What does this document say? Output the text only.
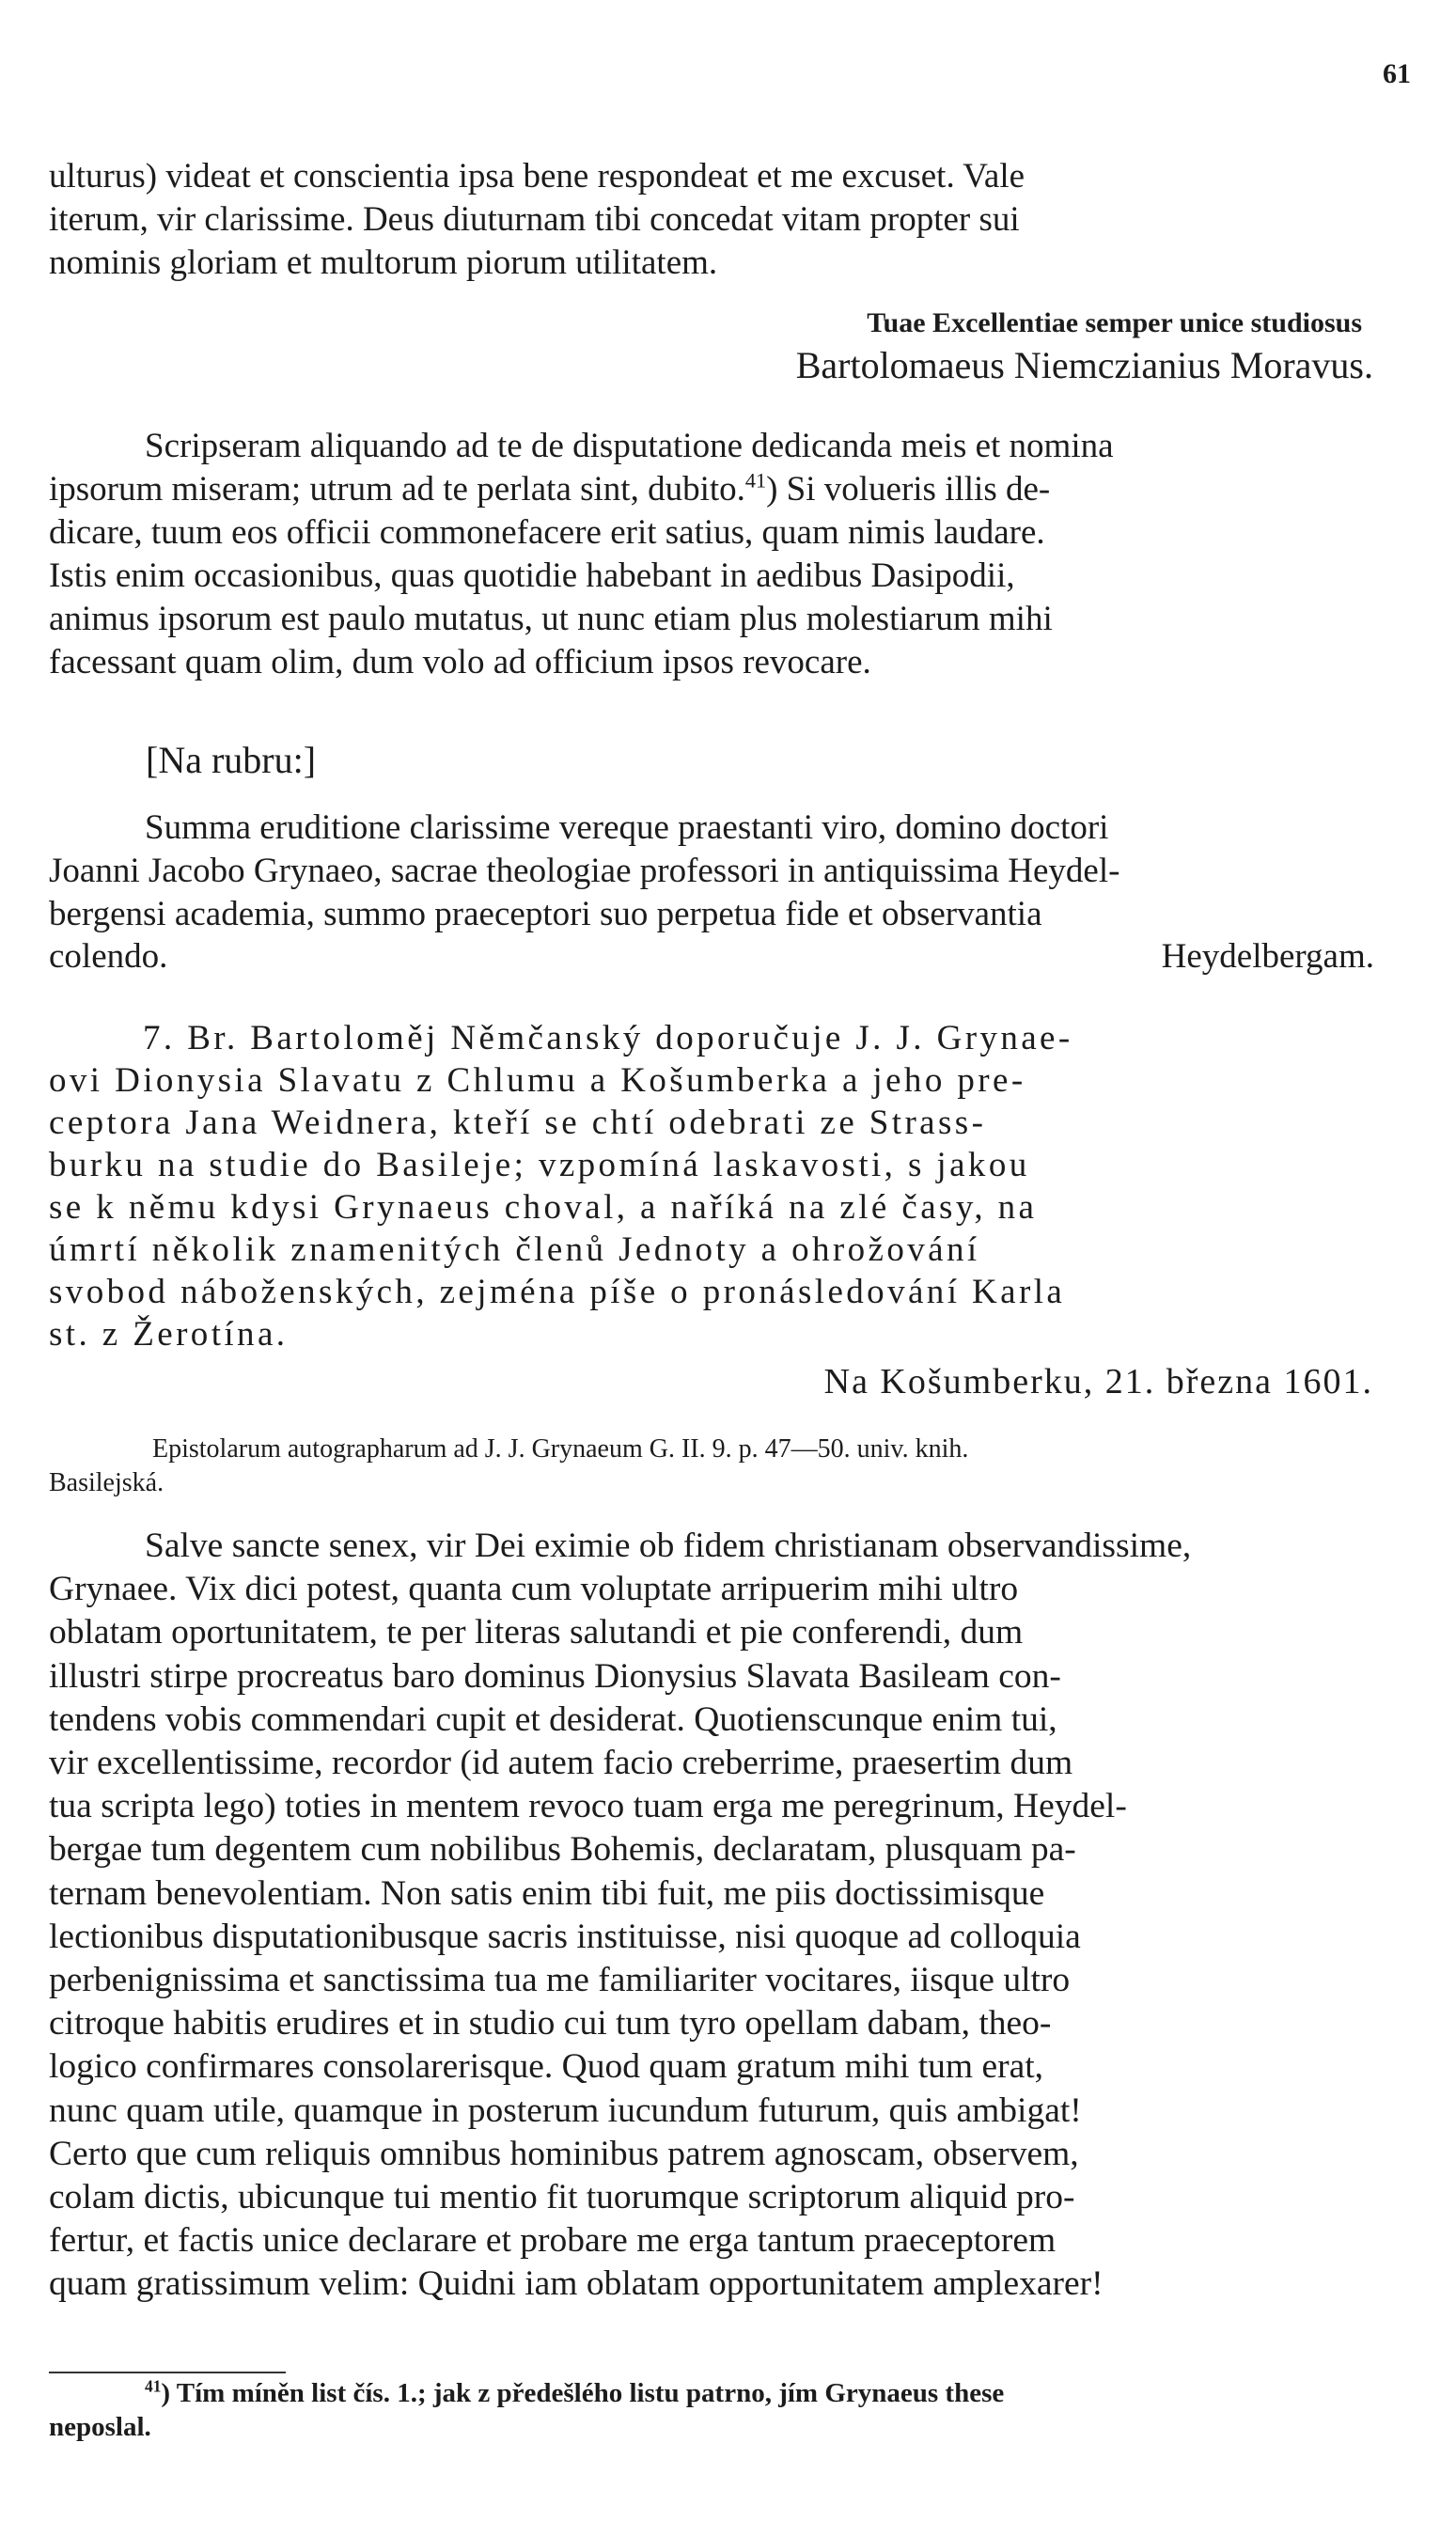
61

ulturus) videat et conscientia ipsa bene respondeat et me excuset. Vale
iterum, vir clarissime. Deus diuturnam tibi concedat vitam propter sui
nominis gloriam et multorum piorum utilitatem.

Tuae Excellentiae semper unice studiosus
Bartolomaeus Niemczianius Moravus.

Scripseram aliquando ad te de disputatione dedicanda meis et nomina
ipsorum miseram; utrum ad te perlata sint, dubito.$^{41}$) Si volueris illis de-
dicare, tuum eos officii commonefacere erit satius, quam nimis laudare.
Istis enim occasionibus, quas quotidie habebant in aedibus Dasipodii,
animus ipsorum est paulo mutatus, ut nunc etiam plus molestiarum mihi
facessant quam olim, dum volo ad officium ipsos revocare.

[Na rubru:]

Summa eruditione clarissime vereque praestanti viro, domino doctori
Joanni Jacobo Grynaeo, sacrae theologiae professori in antiquissima Heydel-
bergensi academia, summo praeceptori suo perpetua fide et observantia

colendo.	Heydelbergam.
7. Br. Bartoloměj Němčanský doporučuje J. J. Grynae-
ovi Dionysia Slavatu z Chlumu a Košumberka a jeho pre-
ceptora Jana Weidnera, kteří se chtí odebrati ze Strass-
burku na studie do Basileje; vzpomíná laskavosti, s jakou
se k němu kdysi Grynaeus choval, a naříká na zlé časy, na
úmrtí několik znamenitých členů Jednoty a ohrožování
svobod náboženských, zejména píše o pronásledování Karla
st. z Žerotína.
Na Košumberku, 21. března 1601.

Epistolarum autographarum ad J. J. Grynaeum G. II. 9. p. 47—50. univ. knih.
Basilejská.

Salve sancte senex, vir Dei eximie ob fidem christianam observandissime,
Grynaee. Vix dici potest, quanta cum voluptate arripuerim mihi ultro
oblatam oportunitatem, te per literas salutandi et pie conferendi, dum
illustri stirpe procreatus baro dominus Dionysius Slavata Basileam con-
tendens vobis commendari cupit et desiderat. Quotienscunque enim tui,
vir excellentissime, recordor (id autem facio creberrime, praesertim dum
tua scripta lego) toties in mentem revoco tuam erga me peregrinum, Heydel-
bergae tum degentem cum nobilibus Bohemis, declaratam, plusquam pa-
ternam benevolentiam. Non satis enim tibi fuit, me piis doctissimisque
lectionibus disputationibusque sacris instituisse, nisi quoque ad colloquia
perbenignissima et sanctissima tua me familiariter vocitares, iisque ultro
citroque habitis erudires et in studio cui tum tyro opellam dabam, theo-
logico confirmares consolarerisque. Quod quam gratum mihi tum erat,
nunc quam utile, quamque in posterum iucundum futurum, quis ambigat!
Certo que cum reliquis omnibus hominibus patrem agnoscam, observem,
colam dictis, ubicunque tui mentio fit tuorumque scriptorum aliquid pro-
fertur, et factis unice declarare et probare me erga tantum praeceptorem
quam gratissimum velim: Quidni iam oblatam opportunitatem amplexarer!

$^{41}$) Tím míněn list čís. 1.; jak z předešlého listu patrno, jím Grynaeus these
neposlal.
